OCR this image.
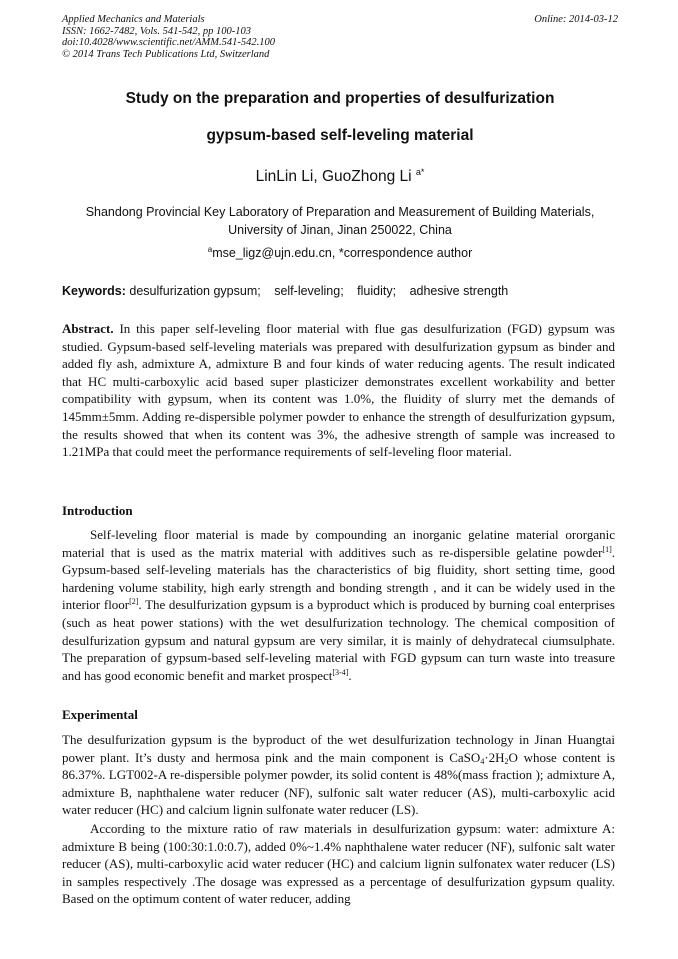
Applied Mechanics and Materials
ISSN: 1662-7482, Vols. 541-542, pp 100-103
doi:10.4028/www.scientific.net/AMM.541-542.100
© 2014 Trans Tech Publications Ltd, Switzerland
Online: 2014-03-12
Study on the preparation and properties of desulfurization
gypsum-based self-leveling material
LinLin Li, GuoZhong Li $^{a*}$
Shandong Provincial Key Laboratory of Preparation and Measurement of Building Materials,
University of Jinan, Jinan 250022, China
$^a$mse_ligz@ujn.edu.cn, *correspondence author
Keywords: desulfurization gypsum; self-leveling; fluidity; adhesive strength
Abstract. In this paper self-leveling floor material with flue gas desulfurization (FGD) gypsum was studied. Gypsum-based self-leveling materials was prepared with desulfurization gypsum as binder and added fly ash, admixture A, admixture B and four kinds of water reducing agents. The result indicated that HC multi-carboxylic acid based super plasticizer demonstrates excellent workability and better compatibility with gypsum, when its content was 1.0%, the fluidity of slurry met the demands of 145mm±5mm. Adding re-dispersible polymer powder to enhance the strength of desulfurization gypsum, the results showed that when its content was 3%, the adhesive strength of sample was increased to 1.21MPa that could meet the performance requirements of self-leveling floor material.
Introduction
Self-leveling floor material is made by compounding an inorganic gelatine material ororganic material that is used as the matrix material with additives such as re-dispersible gelatine powder[1]. Gypsum-based self-leveling materials has the characteristics of big fluidity, short setting time, good hardening volume stability, high early strength and bonding strength , and it can be widely used in the interior floor[2]. The desulfurization gypsum is a byproduct which is produced by burning coal enterprises (such as heat power stations) with the wet desulfurization technology. The chemical composition of desulfurization gypsum and natural gypsum are very similar, it is mainly of dehydratecal ciumsulphate. The preparation of gypsum-based self-leveling material with FGD gypsum can turn waste into treasure and has good economic benefit and market prospect[3-4].
Experimental
The desulfurization gypsum is the byproduct of the wet desulfurization technology in Jinan Huangtai power plant. It’s dusty and hermosa pink and the main component is $CaSO_4\cdot 2H_2O$ whose content is 86.37%. LGT002-A re-dispersible polymer powder, its solid content is 48%(mass fraction ); admixture A, admixture B, naphthalene water reducer (NF), sulfonic salt water reducer (AS), multi-carboxylic acid water reducer (HC) and calcium lignin sulfonate water reducer (LS).
According to the mixture ratio of raw materials in desulfurization gypsum: water: admixture A: admixture B being (100:30:1.0:0.7), added 0%~1.4% naphthalene water reducer (NF), sulfonic salt water reducer (AS), multi-carboxylic acid water reducer (HC) and calcium lignin sulfonatex water reducer (LS) in samples respectively .The dosage was expressed as a percentage of desulfurization gypsum quality. Based on the optimum content of water reducer, adding
